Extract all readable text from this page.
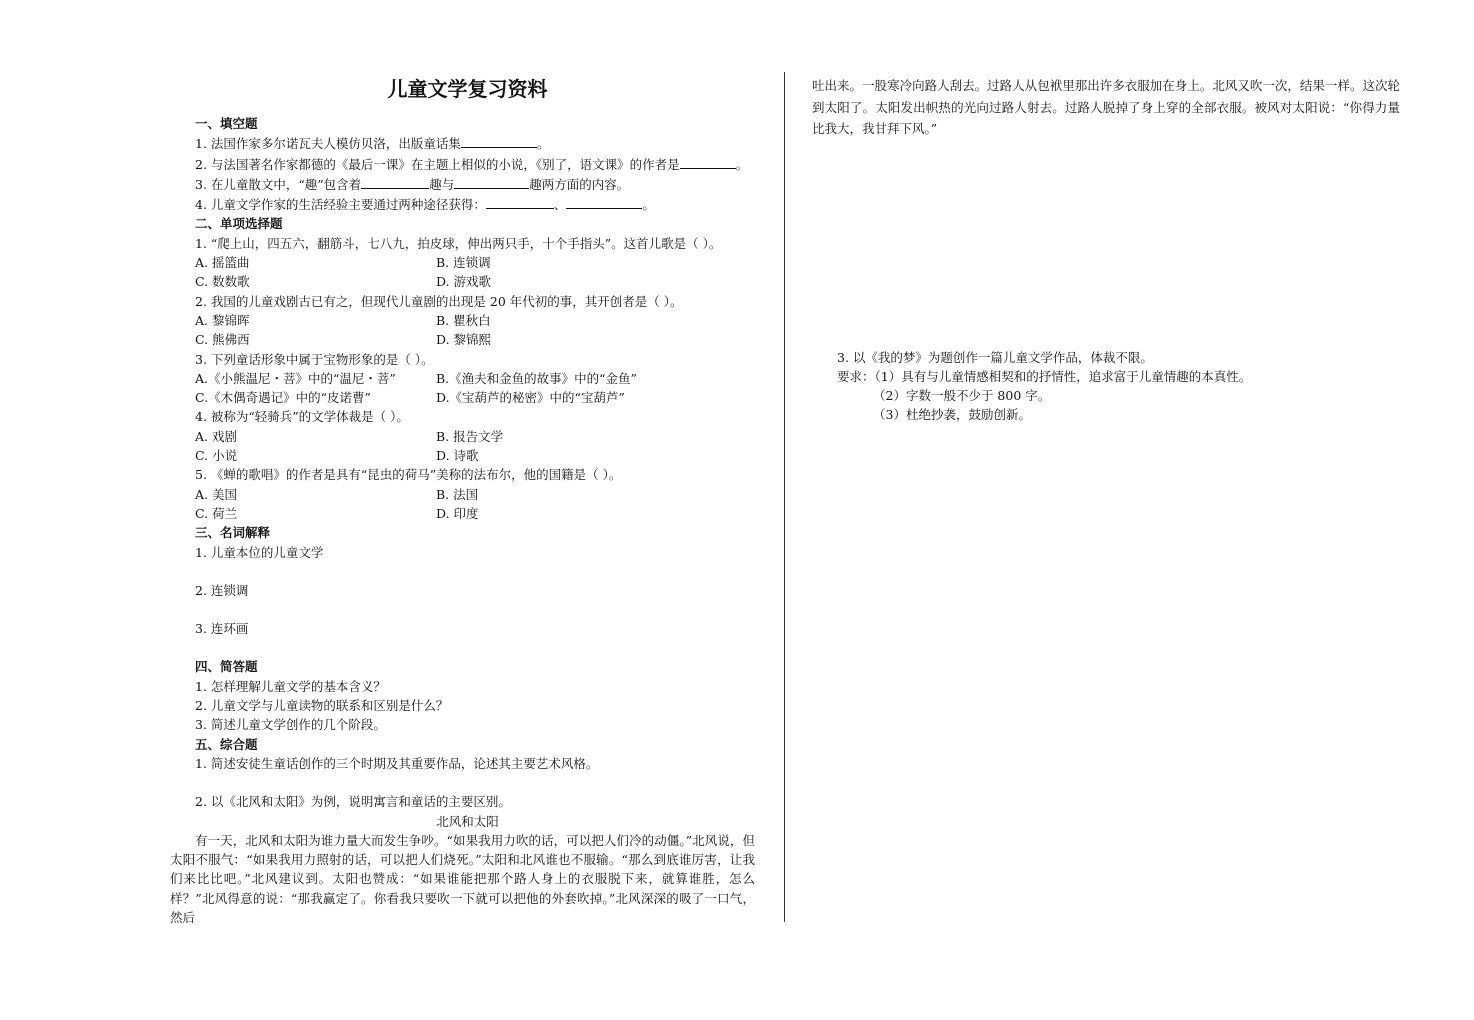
儿童文学复习资料
一、填空题
1. 法国作家多尔诺瓦夫人模仿贝洛，出版童话集	。
2. 与法国著名作家都德的《最后一课》在主题上相似的小说，《别了，语文课》的作者是	。
3. 在儿童散文中，“趣”包含着	趣与	趣两方面的内容。
4. 儿童文学作家的生活经验主要通过两种途径获得：	、	。
二、单项选择题
1. “爬上山，四五六，翻筋斗，七八九，拍皮球，伸出两只手，十个手指头”。这首儿歌是（ ）。
A. 摇篮曲	B. 连锁调
C. 数数歌	D. 游戏歌
2. 我国的儿童戏剧古已有之，但现代儿童剧的出现是 20 年代初的事，其开创者是（ ）。
A. 黎锦晖	B. 瞿秋白
C. 熊佛西	D. 黎锦熙
3. 下列童话形象中属于宝物形象的是（ ）。
A.《小熊温尼・菩》中的“温尼・菩”	B.《渔夫和金鱼的故事》中的“金鱼”
C.《木偶奇遇记》中的“皮诺曹”	D.《宝葫芦的秘密》中的“宝葫芦”
4. 被称为“轻骑兵”的文学体裁是（ ）。
A. 戏剧	B. 报告文学
C. 小说	D. 诗歌
5. 《蝉的歌唱》的作者是具有“昆虫的荷马”美称的法布尔，他的国籍是（ ）。
A. 美国	B. 法国
C. 荷兰	D. 印度
三、名词解释
1. 儿童本位的儿童文学
2. 连锁调
3. 连环画
四、简答题
1. 怎样理解儿童文学的基本含义？
2. 儿童文学与儿童读物的联系和区别是什么？
3. 简述儿童文学创作的几个阶段。
五、综合题
1. 简述安徒生童话创作的三个时期及其重要作品，论述其主要艺术风格。
2. 以《北风和太阳》为例，说明寓言和童话的主要区别。
北风和太阳

有一天，北风和太阳为谁力量大而发生争吵。“如果我用力吹的话，可以把人们冷的动僵。”北风说，但太阳不服气：“如果我用力照射的话，可以把人们烧死。”太阳和北风谁也不服输。“那么到底谁厉害，让我们来比比吧。”北风建议到。太阳也赞成：“如果谁能把那个路人身上的衣服脱下来，就算谁胜，怎么样？”北风得意的说：“那我赢定了。你看我只要吹一下就可以把他的外套吹掉。”北风深深的吸了一口气，然后

吐出来。一股寒冷向路人刮去。过路人从包袱里那出许多衣服加在身上。北风又吹一次，结果一样。这次轮到太阳了。太阳发出帜热的光向过路人射去。过路人脱掉了身上穿的全部衣服。被风对太阳说：“你得力量比我大，我甘拜下风。”
3. 以《我的梦》为题创作一篇儿童文学作品，体裁不限。
要求：（1）具有与儿童情感相契和的抒情性，追求富于儿童情趣的本真性。
（2）字数一般不少于 800 字。
（3）杜绝抄袭，鼓励创新。
